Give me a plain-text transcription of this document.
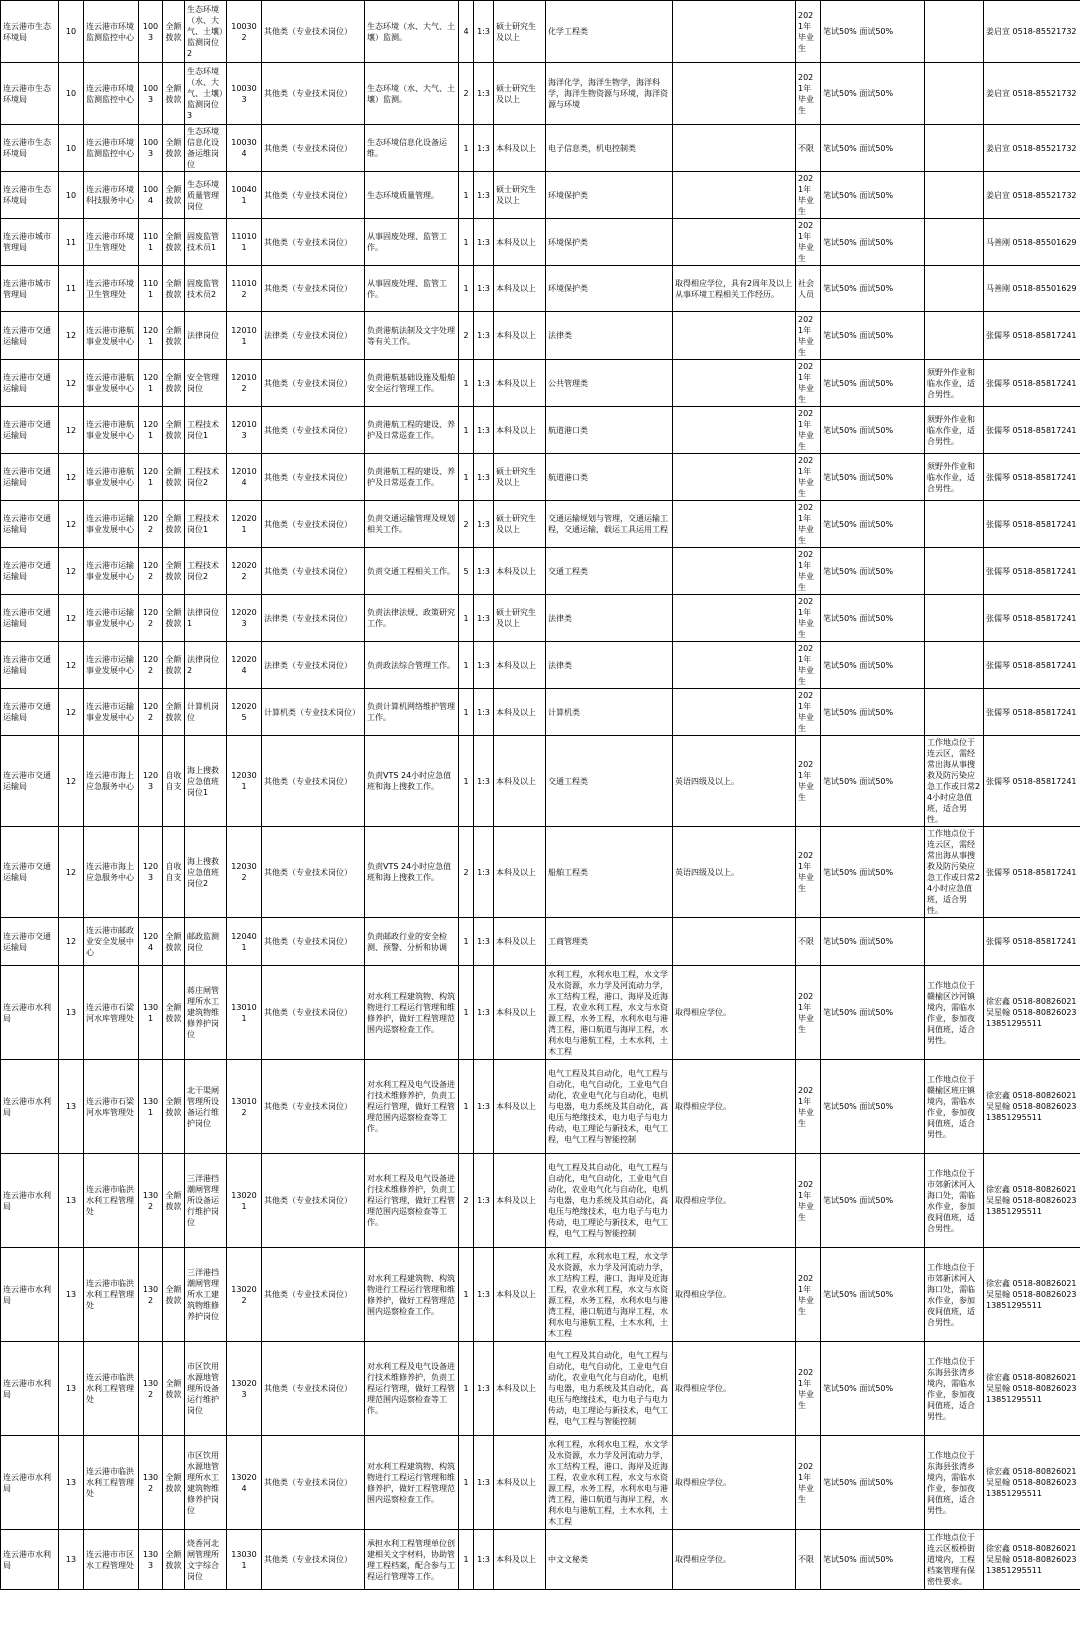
连云港市生态环境局	10	连云港市环境监测监控中心	1003	全额拨款	生态环境（水、大气、土壤）监测岗位2	100302	其他类（专业技术岗位）	生态环境（水、大气、土壤）监测。	4	1:3	硕士研究生及以上	化学工程类		2021年毕业生	笔试50% 面试50%		姜启宣 0518-85521732
连云港市生态环境局	10	连云港市环境监测监控中心	1003	全额拨款	生态环境（水、大气、土壤）监测岗位3	100303	其他类（专业技术岗位）	生态环境（水、大气、土壤）监测。	2	1:3	硕士研究生及以上	海洋化学，海洋生物学，海洋科学，海洋生物资源与环境，海洋资源与环境		2021年毕业生	笔试50% 面试50%		姜启宣 0518-85521732
连云港市生态环境局	10	连云港市环境监测监控中心	1003	全额拨款	生态环境信息化设备运维岗位	100304	其他类（专业技术岗位）	生态环境信息化设备运维。	1	1:3	本科及以上	电子信息类，机电控制类		不限	笔试50% 面试50%		姜启宣 0518-85521732
连云港市生态环境局	10	连云港市环境科技服务中心	1004	全额拨款	生态环境质量管理岗位	100401	其他类（专业技术岗位）	生态环境质量管理。	1	1:3	硕士研究生及以上	环境保护类		2021年毕业生	笔试50% 面试50%		姜启宣 0518-85521732
连云港市城市管理局	11	连云港市环境卫生管理处	1101	全额拨款	固废监管技术员1	110101	其他类（专业技术岗位）	从事固废处理、监管工作。	1	1:3	本科及以上	环境保护类		2021年毕业生	笔试50% 面试50%		马善刚 0518-85501629
连云港市城市管理局	11	连云港市环境卫生管理处	1101	全额拨款	固废监管技术员2	110102	其他类（专业技术岗位）	从事固废处理、监管工作。	1	1:3	本科及以上	环境保护类	取得相应学位，具有2周年及以上从事环境工程相关工作经历。	社会人员	笔试50% 面试50%		马善刚 0518-85501629
连云港市交通运输局	12	连云港市港航事业发展中心	1201	全额拨款	法律岗位	120101	法律类（专业技术岗位）	负责港航法制及文字处理等有关工作。	2	1:3	本科及以上	法律类		2021年毕业生	笔试50% 面试50%		张儒琴 0518-85817241
连云港市交通运输局	12	连云港市港航事业发展中心	1201	全额拨款	安全管理岗位	120102	其他类（专业技术岗位）	负责港航基础设施及船舶安全运行管理工作。	1	1:3	本科及以上	公共管理类		2021年毕业生	笔试50% 面试50%	须野外作业和临水作业，适合男性。	张儒琴 0518-85817241
连云港市交通运输局	12	连云港市港航事业发展中心	1201	全额拨款	工程技术岗位1	120103	其他类（专业技术岗位）	负责港航工程的建设、养护及日常巡查工作。	1	1:3	本科及以上	航道港口类		2021年毕业生	笔试50% 面试50%	须野外作业和临水作业，适合男性。	张儒琴 0518-85817241
连云港市交通运输局	12	连云港市港航事业发展中心	1201	全额拨款	工程技术岗位2	120104	其他类（专业技术岗位）	负责港航工程的建设、养护及日常巡查工作。	1	1:3	硕士研究生及以上	航道港口类		2021年毕业生	笔试50% 面试50%	须野外作业和临水作业，适合男性。	张儒琴 0518-85817241
连云港市交通运输局	12	连云港市运输事业发展中心	1202	全额拨款	工程技术岗位1	120201	其他类（专业技术岗位）	负责交通运输管理及规划相关工作。	2	1:3	硕士研究生及以上	交通运输规划与管理，交通运输工程，交通运输，载运工具运用工程		2021年毕业生	笔试50% 面试50%		张儒琴 0518-85817241
连云港市交通运输局	12	连云港市运输事业发展中心	1202	全额拨款	工程技术岗位2	120202	其他类（专业技术岗位）	负责交通工程相关工作。	5	1:3	本科及以上	交通工程类		2021年毕业生	笔试50% 面试50%		张儒琴 0518-85817241
连云港市交通运输局	12	连云港市运输事业发展中心	1202	全额拨款	法律岗位1	120203	法律类（专业技术岗位）	负责法律法规、政策研究工作。	1	1:3	硕士研究生及以上	法律类		2021年毕业生	笔试50% 面试50%		张儒琴 0518-85817241
连云港市交通运输局	12	连云港市运输事业发展中心	1202	全额拨款	法律岗位2	120204	法律类（专业技术岗位）	负责政法综合管理工作。	1	1:3	本科及以上	法律类		2021年毕业生	笔试50% 面试50%		张儒琴 0518-85817241
连云港市交通运输局	12	连云港市运输事业发展中心	1202	全额拨款	计算机岗位	120205	计算机类（专业技术岗位）	负责计算机网络维护管理工作。	1	1:3	本科及以上	计算机类		2021年毕业生	笔试50% 面试50%		张儒琴 0518-85817241
连云港市交通运输局	12	连云港市海上应急服务中心	1203	自收自支	海上搜救应急值班岗位1	120301	其他类（专业技术岗位）	负责VTS 24小时应急值班和海上搜救工作。	1	1:3	本科及以上	交通工程类	英语四级及以上。	2021年毕业生	笔试50% 面试50%	工作地点位于连云区，需经常出海从事搜救及防污染应急工作或日常24小时应急值班，适合男性。	张儒琴 0518-85817241
连云港市交通运输局	12	连云港市海上应急服务中心	1203	自收自支	海上搜救应急值班岗位2	120302	其他类（专业技术岗位）	负责VTS 24小时应急值班和海上搜救工作。	2	1:3	本科及以上	船舶工程类	英语四级及以上。	2021年毕业生	笔试50% 面试50%	工作地点位于连云区，需经常出海从事搜救及防污染应急工作或日常24小时应急值班，适合男性。	张儒琴 0518-85817241
连云港市交通运输局	12	连云港市邮政业安全发展中心	1204	全额拨款	邮政监测岗位	120401	其他类（专业技术岗位）	负责邮政行业的安全检测、预警、分析和协调	1	1:3	本科及以上	工商管理类		不限	笔试50% 面试50%		张儒琴 0518-85817241
连云港市水利局	13	连云港市石梁河水库管理处	1301	全额拨款	蒋庄闸管理所水工建筑物维修养护岗位	130101	其他类（专业技术岗位）	对水利工程建筑物、构筑物进行工程运行管理和维修养护，做好工程管理范围内巡察检查工作。	1	1:3	本科及以上	水利工程，水利水电工程，水文学及水资源，水力学及河流动力学，水工结构工程，港口、海岸及近海工程，农业水利工程，水文与水资源工程，水务工程，水利水电与港湾工程，港口航道与海岸工程，水利水电与港航工程，土木水利，土木工程	取得相应学位。	2021年毕业生	笔试50% 面试50%	工作地点位于赣榆区沙河镇境内，需临水作业，参加夜间值班，适合男性。	徐宏鑫 0518-80826021 吴星翰 0518-80826023 13851295511
连云港市水利局	13	连云港市石梁河水库管理处	1301	全额拨款	北干渠闸管理所设备运行维护岗位	130102	其他类（专业技术岗位）	对水利工程及电气设备进行技术维修养护，负责工程运行管理，做好工程管理范围内巡察检查等工作。	1	1:3	本科及以上	电气工程及其自动化，电气工程与自动化，电气自动化，工业电气自动化，农业电气化与自动化，电机与电器，电力系统及其自动化，高电压与绝缘技术，电力电子与电力传动，电工理论与新技术，电气工程，电气工程与智能控制	取得相应学位。	2021年毕业生	笔试50% 面试50%	工作地点位于赣榆区班庄镇境内，需临水作业，参加夜间值班，适合男性。	徐宏鑫 0518-80826021 吴星翰 0518-80826023 13851295511
连云港市水利局	13	连云港市临洪水利工程管理处	1302	全额拨款	三洋港挡潮闸管理所设备运行维护岗位	130201	其他类（专业技术岗位）	对水利工程及电气设备进行技术维修养护，负责工程运行管理，做好工程管理范围内巡察检查等工作。	2	1:3	本科及以上	电气工程及其自动化，电气工程与自动化，电气自动化，工业电气自动化，农业电气化与自动化，电机与电器，电力系统及其自动化，高电压与绝缘技术，电力电子与电力传动，电工理论与新技术，电气工程，电气工程与智能控制	取得相应学位。	2021年毕业生	笔试50% 面试50%	工作地点位于市郊新沭河入海口处，需临水作业，参加夜间值班，适合男性。	徐宏鑫 0518-80826021 吴星翰 0518-80826023 13851295511
连云港市水利局	13	连云港市临洪水利工程管理处	1302	全额拨款	三洋港挡潮闸管理所水工建筑物维修养护岗位	130202	其他类（专业技术岗位）	对水利工程建筑物、构筑物进行工程运行管理和维修养护，做好工程管理范围内巡察检查工作。	1	1:3	本科及以上	水利工程，水利水电工程，水文学及水资源，水力学及河流动力学，水工结构工程，港口、海岸及近海工程，农业水利工程，水文与水资源工程，水务工程，水利水电与港湾工程，港口航道与海岸工程，水利水电与港航工程，土木水利，土木工程	取得相应学位。	2021年毕业生	笔试50% 面试50%	工作地点位于市郊新沭河入海口处，需临水作业，参加夜间值班，适合男性。	徐宏鑫 0518-80826021 吴星翰 0518-80826023 13851295511
连云港市水利局	13	连云港市临洪水利工程管理处	1302	全额拨款	市区饮用水源地管理所设备运行维护岗位	130203	其他类（专业技术岗位）	对水利工程及电气设备进行技术维修养护，负责工程运行管理，做好工程管理范围内巡察检查等工作。	1	1:3	本科及以上	电气工程及其自动化，电气工程与自动化，电气自动化，工业电气自动化，农业电气化与自动化，电机与电器，电力系统及其自动化，高电压与绝缘技术，电力电子与电力传动，电工理论与新技术，电气工程，电气工程与智能控制	取得相应学位。	2021年毕业生	笔试50% 面试50%	工作地点位于东海县张湾乡境内，需临水作业，参加夜间值班，适合男性。	徐宏鑫 0518-80826021 吴星翰 0518-80826023 13851295511
连云港市水利局	13	连云港市临洪水利工程管理处	1302	全额拨款	市区饮用水源地管理所水工建筑物维修养护岗位	130204	其他类（专业技术岗位）	对水利工程建筑物、构筑物进行工程运行管理和维修养护，做好工程管理范围内巡察检查工作。	1	1:3	本科及以上	水利工程，水利水电工程，水文学及水资源，水力学及河流动力学，水工结构工程，港口、海岸及近海工程，农业水利工程，水文与水资源工程，水务工程，水利水电与港湾工程，港口航道与海岸工程，水利水电与港航工程，土木水利，土木工程	取得相应学位。	2021年毕业生	笔试50% 面试50%	工作地点位于东海县张湾乡境内，需临水作业，参加夜间值班，适合男性。	徐宏鑫 0518-80826021 吴星翰 0518-80826023 13851295511
连云港市水利局	13	连云港市市区水工程管理处	1303	全额拨款	烧香河北闸管理所文字综合岗位	130301	其他类（专业技术岗位）	承担水利工程管理单位创建相关文字材料，协助管理工程档案，配合参与工程运行管理等工作。	1	1:3	本科及以上	中文文秘类	取得相应学位。	不限	笔试50% 面试50%	工作地点位于连云区板桥街道境内，工程档案管理有保密性要求。	徐宏鑫 0518-80826021 吴星翰 0518-80826023 13851295511
